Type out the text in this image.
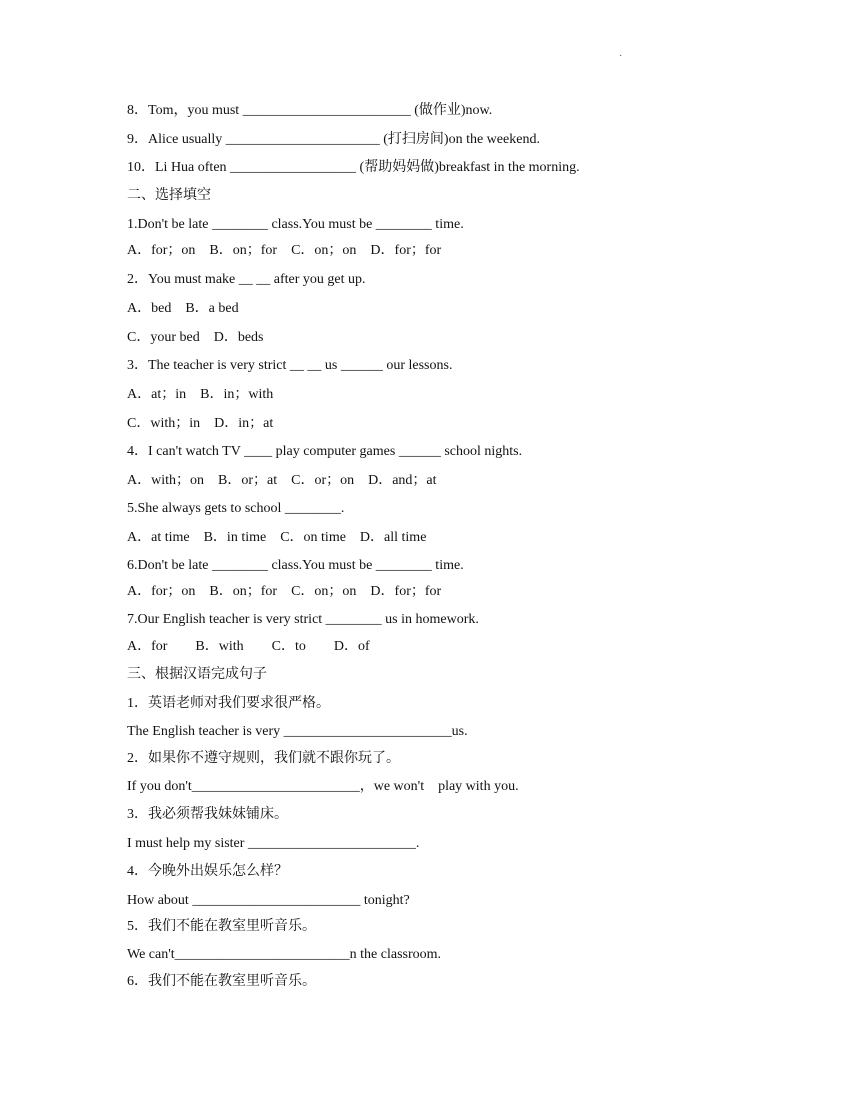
·
8．Tom，you must ________________________ (做作业)now.
9．Alice usually ______________________ (打扫房间)on the weekend.
10．Li Hua often __________________ (帮助妈妈做)breakfast in the morning.
二、选择填空
1.Don't be late ________ class.You must be ________ time.
A．for；on    B．on；for    C．on；on    D．for；for
2．You must make __ __ after you get up.
A．bed    B．a bed
C．your bed    D．beds
3．The teacher is very strict __ __ us ______ our lessons.
A．at；in    B．in；with
C．with；in    D．in；at
4．I can't watch TV ____ play computer games ______ school nights.
A．with；on    B．or；at    C．or；on    D．and；at
5.She always gets to school ________.
A．at time    B．in time    C．on time    D．all time
6.Don't be late ________ class.You must be ________ time.
A．for；on    B．on；for    C．on；on    D．for；for
7.Our English teacher is very strict ________ us in homework.
A．for        B．with        C．to        D．of
三、根据汉语完成句子
1．英语老师对我们要求很严格。
The English teacher is very ________________________us.
2．如果你不遵守规则，我们就不跟你玩了。
If you don't________________________，we won't    play with you.
3．我必须帮我妹妹铺床。
I must help my sister ________________________.
4．今晚外出娱乐怎么样？
How about ________________________ tonight?
5．我们不能在教室里听音乐。
We can't_________________________n the classroom.
6．我们不能在教室里听音乐。
